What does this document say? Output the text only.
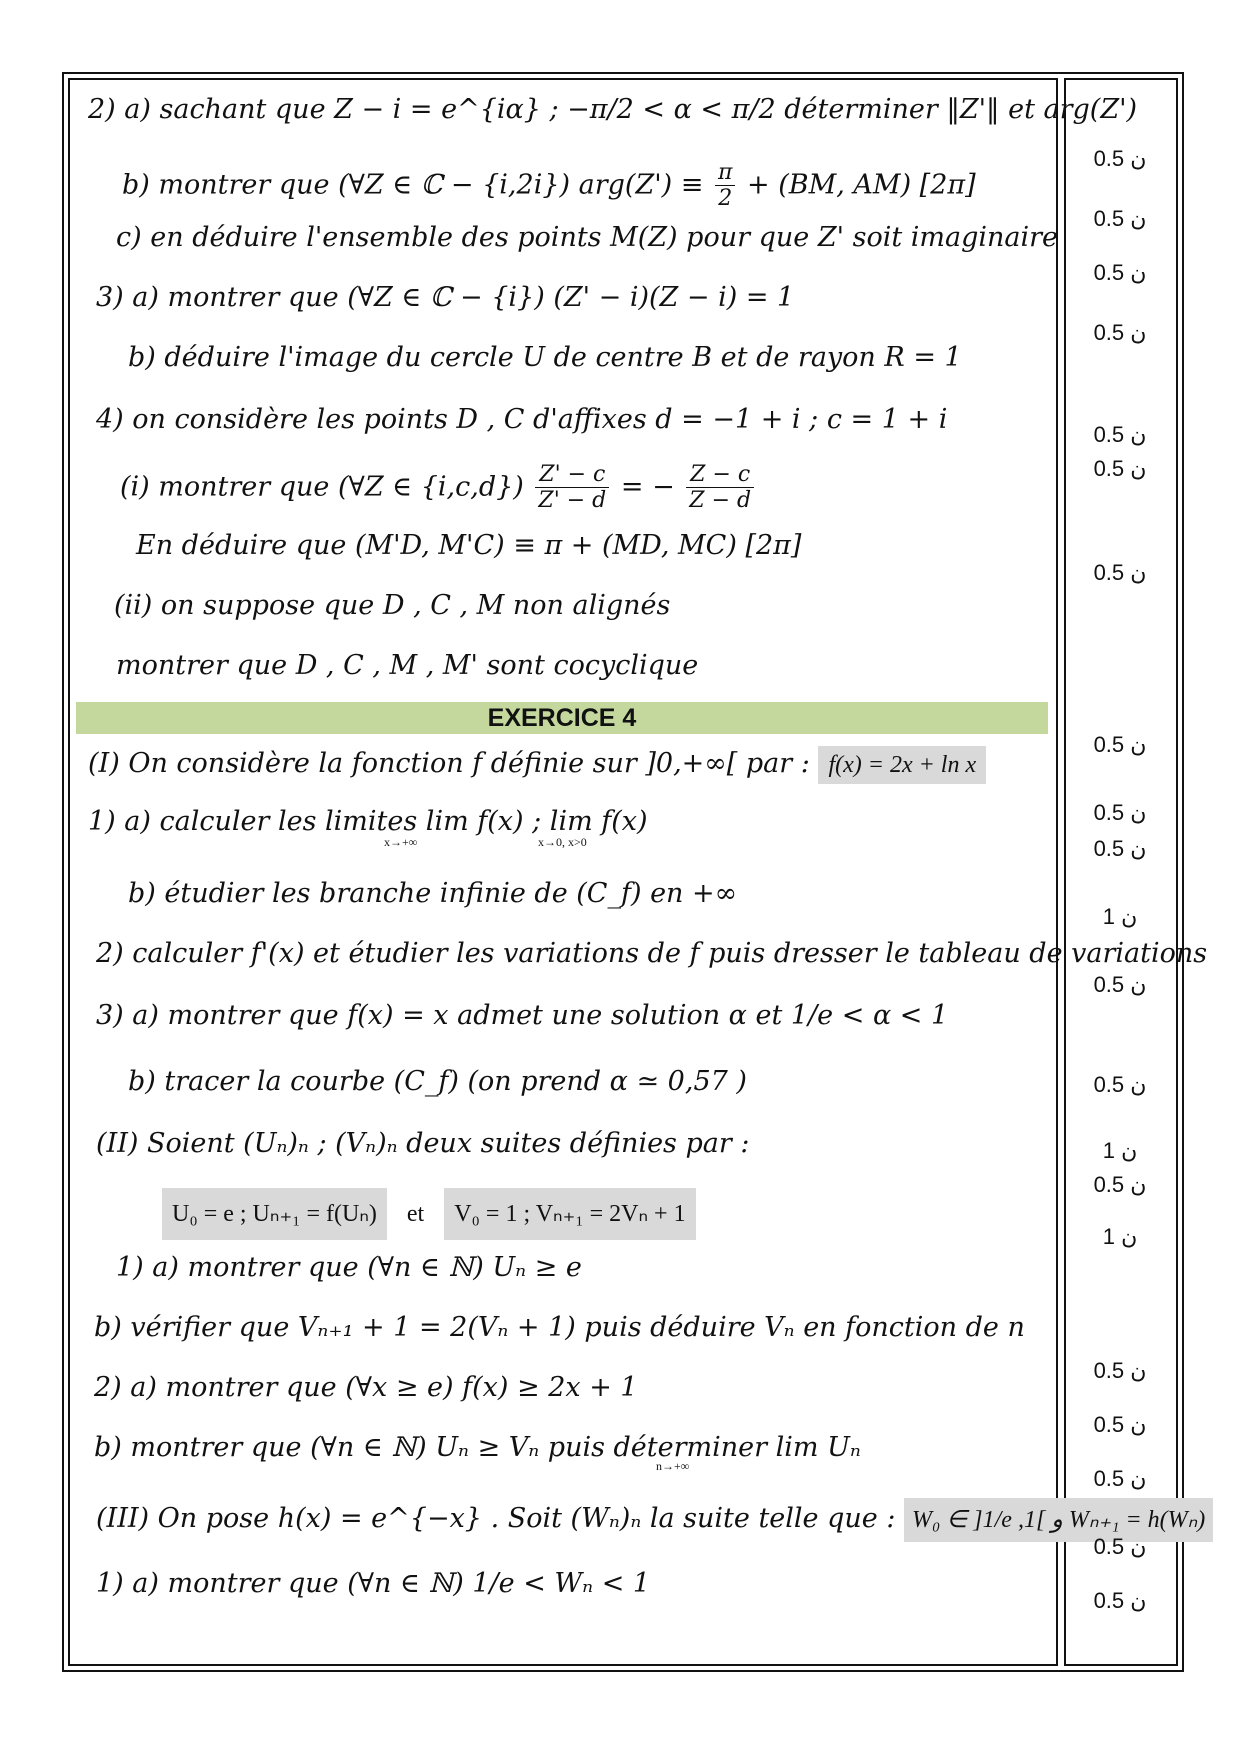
2) a) sachant que Z − i = e^{iα} ; −π/2 < α < π/2 déterminer ‖Z'‖ et arg(Z')
b) montrer que (∀Z ∈ ℂ − {i,2i}) $arg(Z') \equiv \frac{\pi}{2} + (BM$, AM) [2π]
c) en déduire l'ensemble des points M(Z) pour que Z' soit imaginaire
3) a) montrer que (∀Z ∈ ℂ − {i}) (Z' − i)(Z − i) = 1
b) déduire l'image du cercle U de centre B et de rayon R = 1
4) on considère les points D , C d'affixes d = −1 + i ; c = 1 + i
(i) montrer que (∀Z ∈ $\{i,c,d\}) \frac{Z' - c}{Z' - d}$ = − $\frac{Z - c}{Z - d}$
En déduire que (M'D, M'C) ≡ π + (MD, MC) [2π]
(ii) on suppose que D , C , M non alignés
montrer que D , C , M , M' sont cocyclique
EXERCICE 4
(I) On considère la fonction f définie sur ]0,+∞[ par : f(x) = 2x + ln x
1) a) calculer les limites lim f(x) ; lim f(x)
x→+∞	x→0, x>0
b) étudier les branche infinie de (C_f) en +∞
2) calculer f'(x) et étudier les variations de f puis dresser le tableau de variations
3) a) montrer que f(x) = x admet une solution α et 1/e < α < 1
b) tracer la courbe (C_f) (on prend α ≃ 0,57 )
(II) Soient (Uₙ)ₙ ; (Vₙ)ₙ deux suites définies par :
U₀ = e ; Uₙ₊₁ = f(Uₙ) et V₀ = 1 ; Vₙ₊₁ = 2Vₙ + 1
1) a) montrer que (∀n ∈ ℕ) Uₙ ≥ e
b) vérifier que Vₙ₊₁ + 1 = 2(Vₙ + 1) puis déduire Vₙ en fonction de n
2) a) montrer que (∀x ≥ e) f(x) ≥ 2x + 1
b) montrer que (∀n ∈ ℕ) Uₙ ≥ Vₙ puis déterminer lim Uₙ
n→+∞
(III) On pose h(x) = e^{−x} . Soit (Wₙ)ₙ la suite telle que : W₀ ∈ ]1/e ,1[ و Wₙ₊₁ = h(Wₙ)
1) a) montrer que (∀n ∈ ℕ) 1/e < Wₙ < 1
0.5 ن
0.5 ن
0.5 ن
0.5 ن
0.5 ن
0.5 ن
0.5 ن
0.5 ن
0.5 ن
0.5 ن
1 ن
0.5 ن
0.5 ن
1 ن
0.5 ن
1 ن
0.5 ن
0.5 ن
0.5 ن
0.5 ن
0.5 ن
